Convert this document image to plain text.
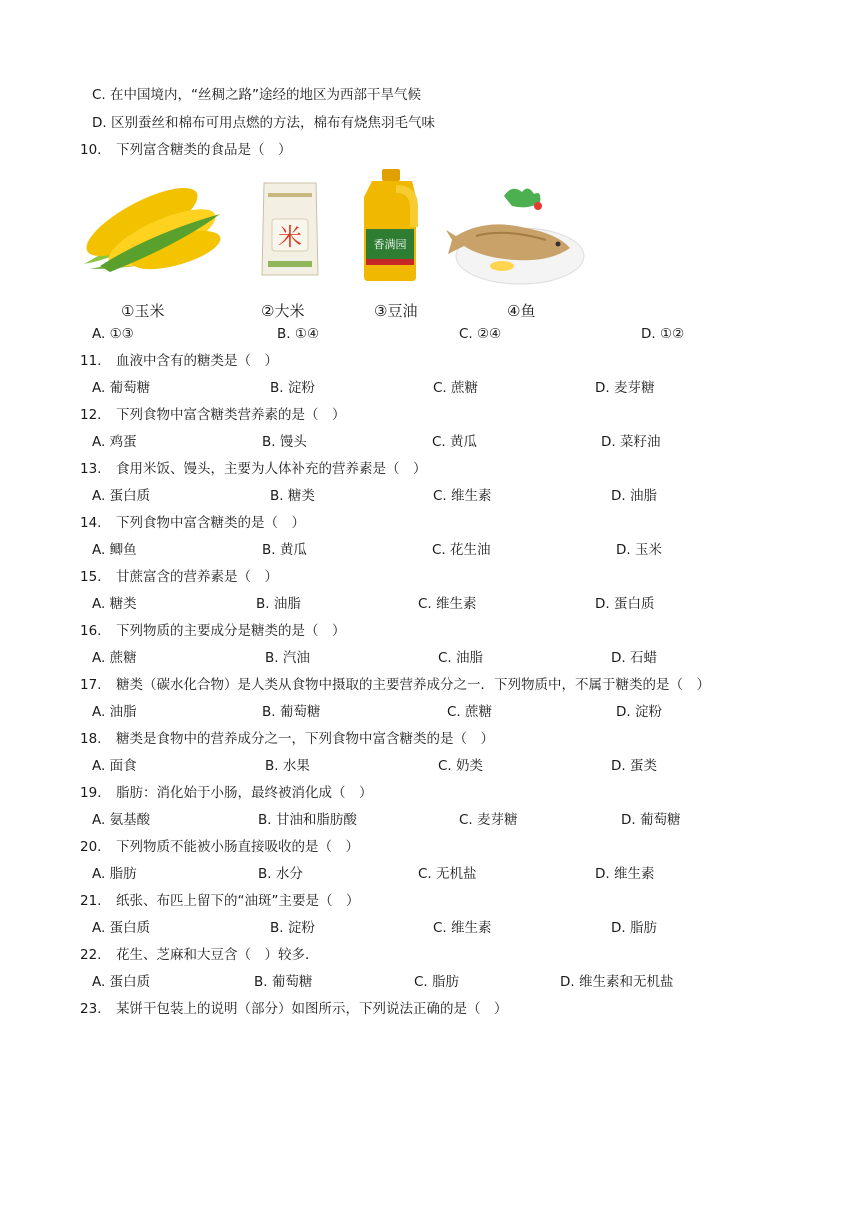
C. 在中国境内，“丝稠之路”途经的地区为西部干旱气候
D. 区别蚕丝和棉布可用点燃的方法，棉布有烧焦羽毛气味
10. 下列富含糖类的食品是（　）
米	香满园
①玉米	②大米	③豆油	④鱼
A. ①③	B. ①④	C. ②④	D. ①②
11. 血液中含有的糖类是（　）
A. 葡萄糖	B. 淀粉	C. 蔗糖	D. 麦芽糖
12. 下列食物中富含糖类营养素的是（　）
A. 鸡蛋	B. 馒头	C. 黄瓜	D. 菜籽油
13. 食用米饭、馒头，主要为人体补充的营养素是（　）
A. 蛋白质	B. 糖类	C. 维生素	D. 油脂
14. 下列食物中富含糖类的是（　）
A. 鲫鱼	B. 黄瓜	C. 花生油	D. 玉米
15. 甘蔗富含的营养素是（　）
A. 糖类	B. 油脂	C. 维生素	D. 蛋白质
16. 下列物质的主要成分是糖类的是（　）
A. 蔗糖	B. 汽油	C. 油脂	D. 石蜡
17. 糖类（碳水化合物）是人类从食物中摄取的主要营养成分之一．下列物质中，不属于糖类的是（　）
A. 油脂	B. 葡萄糖	C. 蔗糖	D. 淀粉
18. 糖类是食物中的营养成分之一，下列食物中富含糖类的是（　）
A. 面食	B. 水果	C. 奶类	D. 蛋类
19. 脂肪：消化始于小肠，最终被消化成（　）
A. 氨基酸	B. 甘油和脂肪酸	C. 麦芽糖	D. 葡萄糖
20. 下列物质不能被小肠直接吸收的是（　）
A. 脂肪	B. 水分	C. 无机盐	D. 维生素
21. 纸张、布匹上留下的“油斑”主要是（　）
A. 蛋白质	B. 淀粉	C. 维生素	D. 脂肪
22. 花生、芝麻和大豆含（　）较多．
A. 蛋白质	B. 葡萄糖	C. 脂肪	D. 维生素和无机盐
23. 某饼干包装上的说明（部分）如图所示，下列说法正确的是（　）
